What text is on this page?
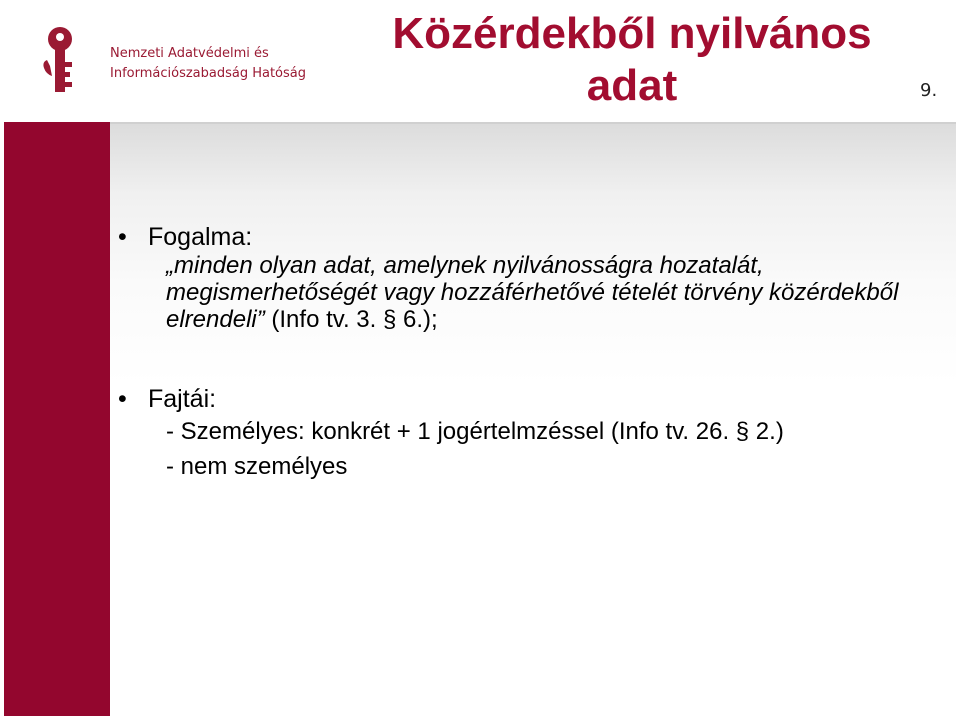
Nemzeti Adatvédelmi és
Információszabadság Hatóság
Közérdekből nyilvános adat	9.
• Fogalma:
„minden olyan adat, amelynek nyilvánosságra hozatalát, megismerhetőségét vagy hozzáférhetővé tételét törvény közérdekből elrendeli” (Info tv. 3. § 6.);
• Fajtái:
- Személyes: konkrét + 1 jogértelmzéssel (Info tv. 26. § 2.)
- nem személyes
